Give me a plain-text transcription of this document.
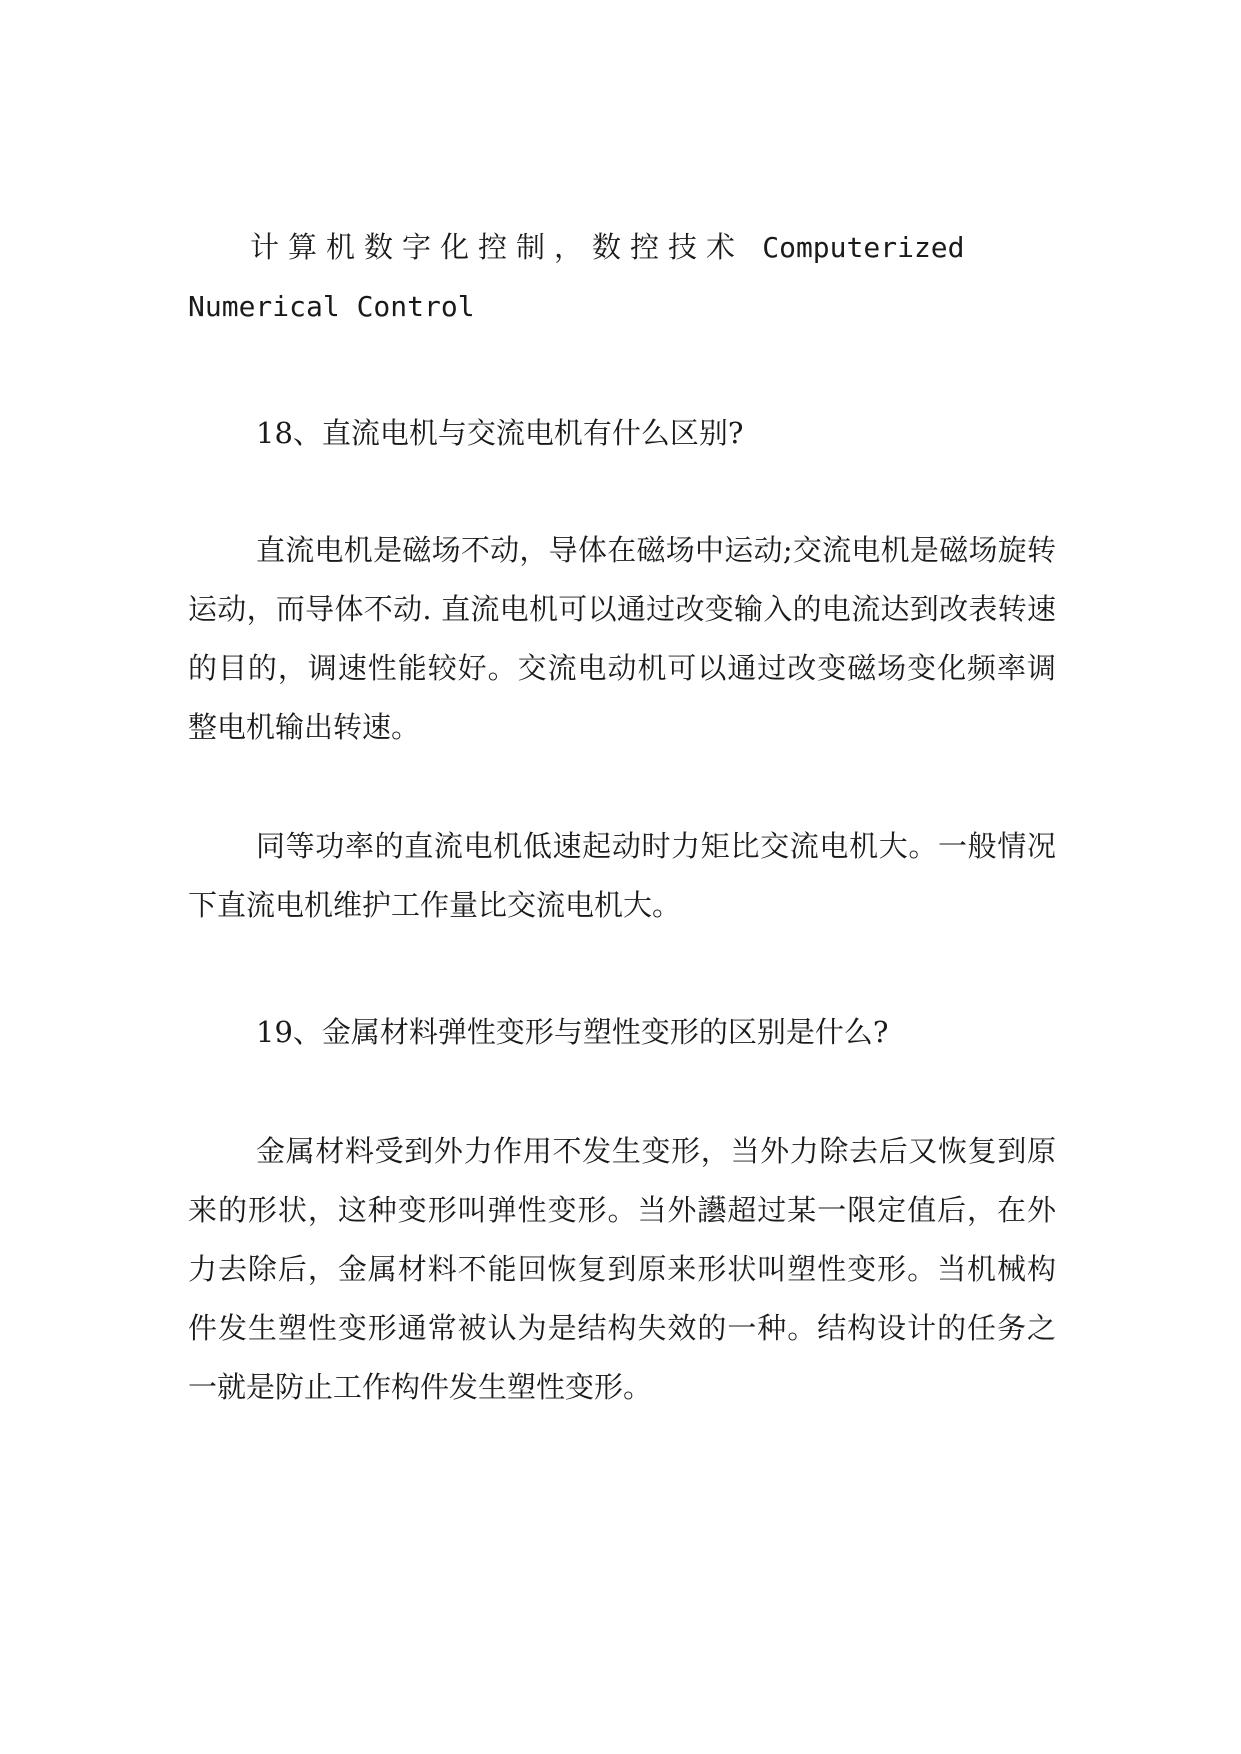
计算机数字化控制，数控技术 Computerized

Numerical Control

18、直流电机与交流电机有什么区别?

直流电机是磁场不动，导体在磁场中运动;交流电机是磁场旋转运动，而导体不动. 直流电机可以通过改变输入的电流达到改表转速的目的，调速性能较好。交流电动机可以通过改变磁场变化频率调整电机输出转速。

同等功率的直流电机低速起动时力矩比交流电机大。一般情况下直流电机维护工作量比交流电机大。

19、金属材料弹性变形与塑性变形的区别是什么?

金属材料受到外力作用不发生变形，当外力除去后又恢复到原来的形状，这种变形叫弹性变形。当外讛超过某一限定值后，在外力去除后，金属材料不能回恢复到原来形状叫塑性变形。当机械构件发生塑性变形通常被认为是结构失效的一种。结构设计的任务之一就是防止工作构件发生塑性变形。
